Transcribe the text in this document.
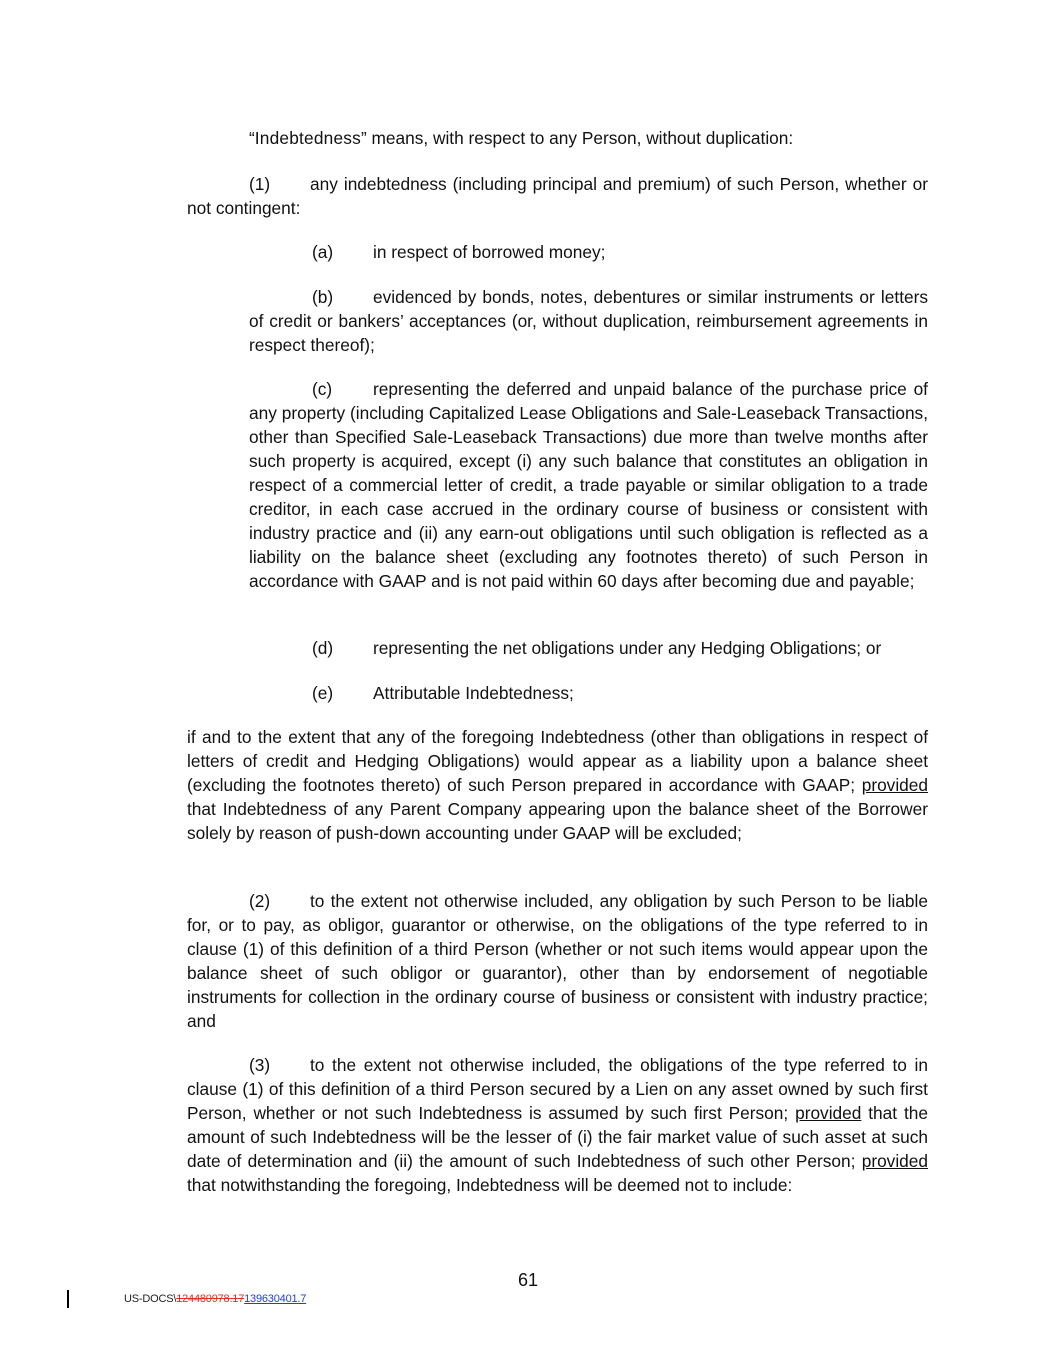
“Indebtedness” means, with respect to any Person, without duplication:

(1) any indebtedness (including principal and premium) of such Person, whether or not contingent:

(a) in respect of borrowed money;

(b) evidenced by bonds, notes, debentures or similar instruments or letters of credit or bankers’ acceptances (or, without duplication, reimbursement agreements in respect thereof);

(c) representing the deferred and unpaid balance of the purchase price of any property (including Capitalized Lease Obligations and Sale-Leaseback Transactions, other than Specified Sale-Leaseback Transactions) due more than twelve months after such property is acquired, except (i) any such balance that constitutes an obligation in respect of a commercial letter of credit, a trade payable or similar obligation to a trade creditor, in each case accrued in the ordinary course of business or consistent with industry practice and (ii) any earn-out obligations until such obligation is reflected as a liability on the balance sheet (excluding any footnotes thereto) of such Person in accordance with GAAP and is not paid within 60 days after becoming due and payable;

(d) representing the net obligations under any Hedging Obligations; or

(e) Attributable Indebtedness;

if and to the extent that any of the foregoing Indebtedness (other than obligations in respect of letters of credit and Hedging Obligations) would appear as a liability upon a balance sheet (excluding the footnotes thereto) of such Person prepared in accordance with GAAP; provided that Indebtedness of any Parent Company appearing upon the balance sheet of the Borrower solely by reason of push-down accounting under GAAP will be excluded;

(2) to the extent not otherwise included, any obligation by such Person to be liable for, or to pay, as obligor, guarantor or otherwise, on the obligations of the type referred to in clause (1) of this definition of a third Person (whether or not such items would appear upon the balance sheet of such obligor or guarantor), other than by endorsement of negotiable instruments for collection in the ordinary course of business or consistent with industry practice; and

(3) to the extent not otherwise included, the obligations of the type referred to in clause (1) of this definition of a third Person secured by a Lien on any asset owned by such first Person, whether or not such Indebtedness is assumed by such first Person; provided that the amount of such Indebtedness will be the lesser of (i) the fair market value of such asset at such date of determination and (ii) the amount of such Indebtedness of such other Person; provided that notwithstanding the foregoing, Indebtedness will be deemed not to include:

61
US-DOCS\124480978.17139630401.7
